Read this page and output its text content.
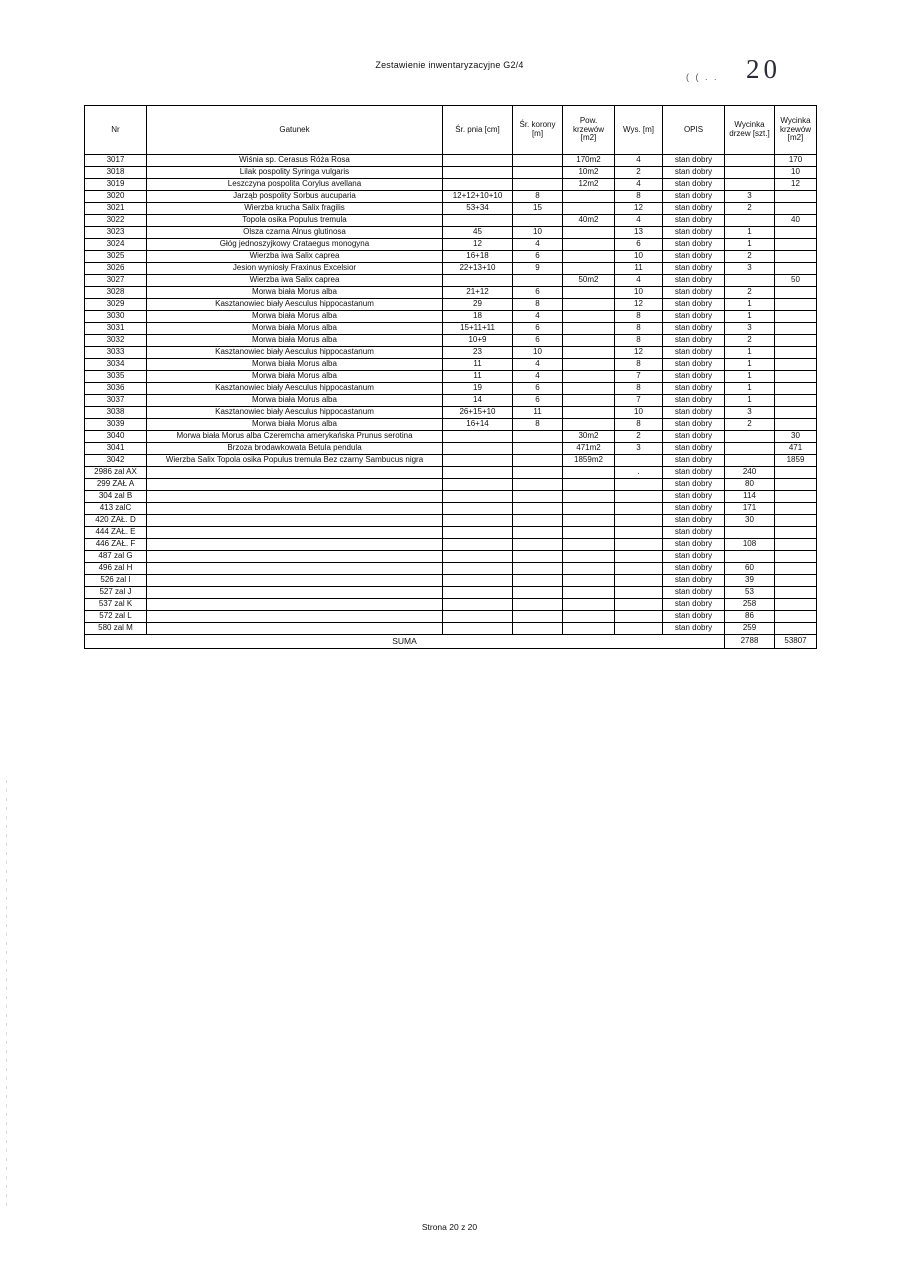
Zestawienie inwentaryzacyjne G2/4
( ( . . 20
Nr	Gatunek	Śr. pnia [cm]	Śr. korony [m]	Pow. krzewów [m2]	Wys. [m]	OPIS	Wycinka drzew [szt.]	Wycinka krzewów [m2]
3017	Wiśnia sp. Cerasus Róża Rosa			170m2	4	stan dobry		170
3018	Lilak pospolity Syringa vulgaris			10m2	2	stan dobry		10
3019	Leszczyna pospolita Corylus avellana			12m2	4	stan dobry		12
3020	Jarząb pospolity Sorbus aucuparia	12+12+10+10	8		8	stan dobry	3	
3021	Wierzba krucha Salix fragilis	53+34	15		12	stan dobry	2	
3022	Topola osika Populus tremula			40m2	4	stan dobry		40
3023	Olsza czarna Alnus glutinosa	45	10		13	stan dobry	1	
3024	Głóg jednoszyjkowy Crataegus monogyna	12	4		6	stan dobry	1	
3025	Wierzba iwa Salix caprea	16+18	6		10	stan dobry	2	
3026	Jesion wyniosły Fraxinus Excelsior	22+13+10	9		11	stan dobry	3	
3027	Wierzba iwa Salix caprea			50m2	4	stan dobry		50
3028	Morwa biała Morus alba	21+12	6		10	stan dobry	2	
3029	Kasztanowiec biały Aesculus hippocastanum	29	8		12	stan dobry	1	
3030	Morwa biała Morus alba	18	4		8	stan dobry	1	
3031	Morwa biała Morus alba	15+11+11	6		8	stan dobry	3	
3032	Morwa biała Morus alba	10+9	6		8	stan dobry	2	
3033	Kasztanowiec biały Aesculus hippocastanum	23	10		12	stan dobry	1	
3034	Morwa biała Morus alba	11	4		8	stan dobry	1	
3035	Morwa biała Morus alba	11	4		7	stan dobry	1	
3036	Kasztanowiec biały Aesculus hippocastanum	19	6		8	stan dobry	1	
3037	Morwa biała Morus alba	14	6		7	stan dobry	1	
3038	Kasztanowiec biały Aesculus hippocastanum	26+15+10	11		10	stan dobry	3	
3039	Morwa biała Morus alba	16+14	8		8	stan dobry	2	
3040	Morwa biała Morus alba Czeremcha amerykańska Prunus serotina			30m2	2	stan dobry		30
3041	Brzoza brodawkowata Betula pendula			471m2	3	stan dobry		471
3042	Wierzba Salix Topola osika Populus tremula Bez czarny Sambucus nigra			1859m2		stan dobry		1859
2986 zal AX					.	stan dobry	240	
299 ZAŁ A						stan dobry	80	
304 zal B						stan dobry	114	
413 zalC						stan dobry	171	
420 ZAŁ. D						stan dobry	30	
444 ZAŁ. E						stan dobry		
446 ZAŁ. F						stan dobry	108	
487 zal G						stan dobry		
496 zal H						stan dobry	60	
526 zal I						stan dobry	39	
527 zal J						stan dobry	53	
537 zal K						stan dobry	258	
572 zal L						stan dobry	86	
580 zal M						stan dobry	259	
SUMA							2788	53807
Strona 20 z 20
